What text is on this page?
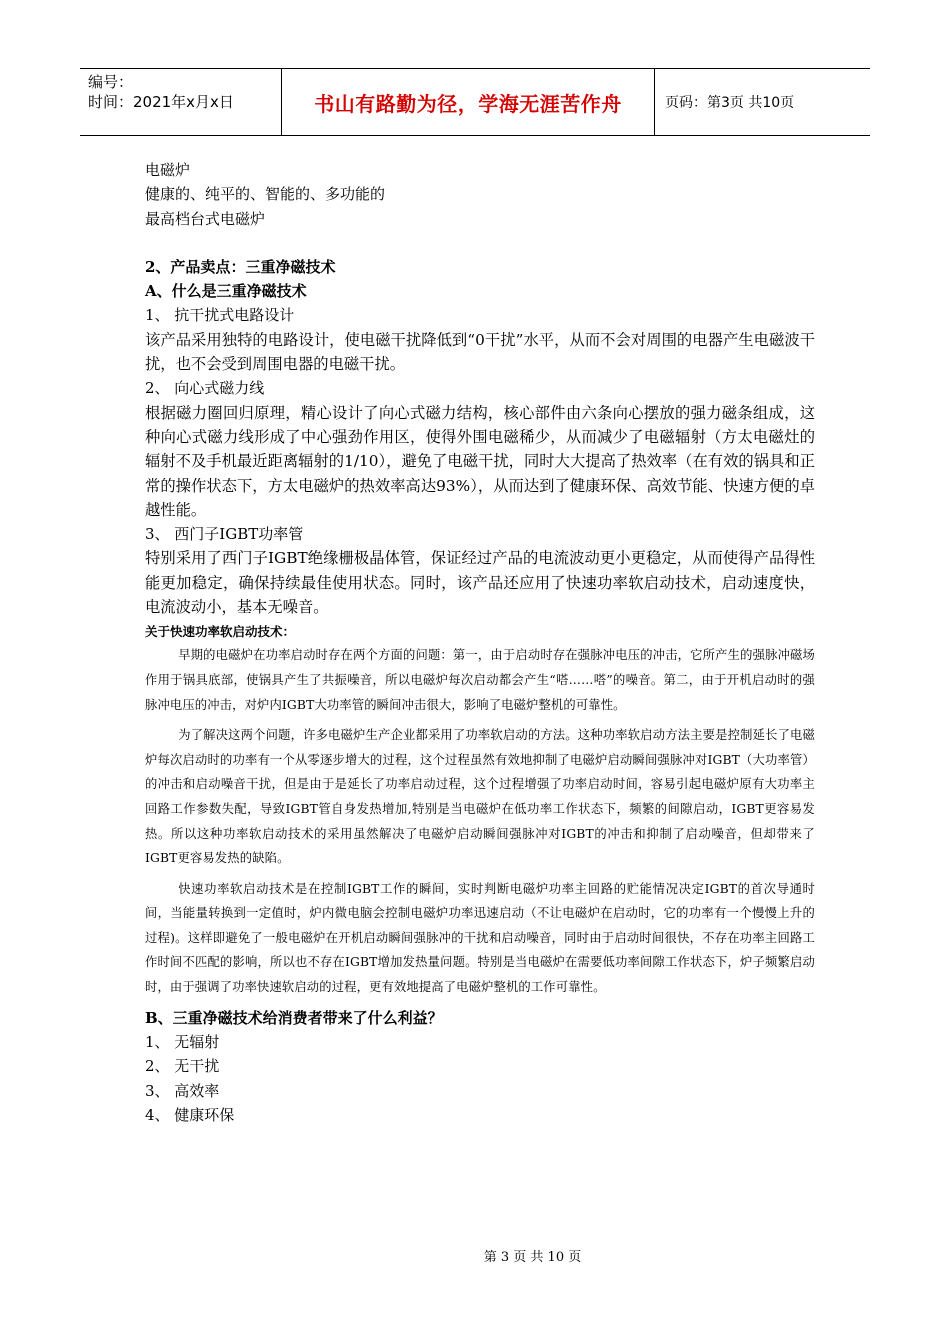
编号：
时间：2021年x月x日	书山有路勤为径，学海无涯苦作舟	页码：第3页 共10页
电磁炉
健康的、纯平的、智能的、多功能的
最高档台式电磁炉
2、产品卖点：三重净磁技术
A、什么是三重净磁技术
1、 抗干扰式电路设计
该产品采用独特的电路设计，使电磁干扰降低到“0干扰”水平，从而不会对周围的电器产生电磁波干扰，也不会受到周围电器的电磁干扰。
2、 向心式磁力线
根据磁力圈回归原理，精心设计了向心式磁力结构，核心部件由六条向心摆放的强力磁条组成，这种向心式磁力线形成了中心强劲作用区，使得外围电磁稀少，从而减少了电磁辐射（方太电磁灶的辐射不及手机最近距离辐射的1/10），避免了电磁干扰，同时大大提高了热效率（在有效的锅具和正常的操作状态下，方太电磁炉的热效率高达93%），从而达到了健康环保、高效节能、快速方便的卓越性能。
3、 西门子IGBT功率管
特别采用了西门子IGBT绝缘栅极晶体管，保证经过产品的电流波动更小更稳定，从而使得产品得性能更加稳定，确保持续最佳使用状态。同时，该产品还应用了快速功率软启动技术，启动速度快，电流波动小，基本无噪音。
关于快速功率软启动技术：
早期的电磁炉在功率启动时存在两个方面的问题：第一，由于启动时存在强脉冲电压的冲击，它所产生的强脉冲磁场作用于锅具底部，使锅具产生了共振噪音，所以电磁炉每次启动都会产生“嗒……嗒”的噪音。第二，由于开机启动时的强脉冲电压的冲击，对炉内IGBT大功率管的瞬间冲击很大，影响了电磁炉整机的可靠性。
为了解决这两个问题，许多电磁炉生产企业都采用了功率软启动的方法。这种功率软启动方法主要是控制延长了电磁炉每次启动时的功率有一个从零逐步增大的过程，这个过程虽然有效地抑制了电磁炉启动瞬间强脉冲对IGBT（大功率管）的冲击和启动噪音干扰，但是由于是延长了功率启动过程，这个过程增强了功率启动时间，容易引起电磁炉原有大功率主回路工作参数失配，导致IGBT管自身发热增加,特别是当电磁炉在低功率工作状态下，频繁的间隙启动，IGBT更容易发热。所以这种功率软启动技术的采用虽然解决了电磁炉启动瞬间强脉冲对IGBT的冲击和抑制了启动噪音，但却带来了IGBT更容易发热的缺陷。
快速功率软启动技术是在控制IGBT工作的瞬间，实时判断电磁炉功率主回路的贮能情况决定IGBT的首次导通时间，当能量转换到一定值时，炉内微电脑会控制电磁炉功率迅速启动（不让电磁炉在启动时，它的功率有一个慢慢上升的过程)。这样即避免了一般电磁炉在开机启动瞬间强脉冲的干扰和启动噪音，同时由于启动时间很快，不存在功率主回路工作时间不匹配的影响，所以也不存在IGBT增加发热量问题。特别是当电磁炉在需要低功率间隙工作状态下，炉子频繁启动时，由于强调了功率快速软启动的过程，更有效地提高了电磁炉整机的工作可靠性。
B、三重净磁技术给消费者带来了什么利益？
1、 无辐射
2、 无干扰
3、 高效率
4、 健康环保
第 3 页 共 10 页
